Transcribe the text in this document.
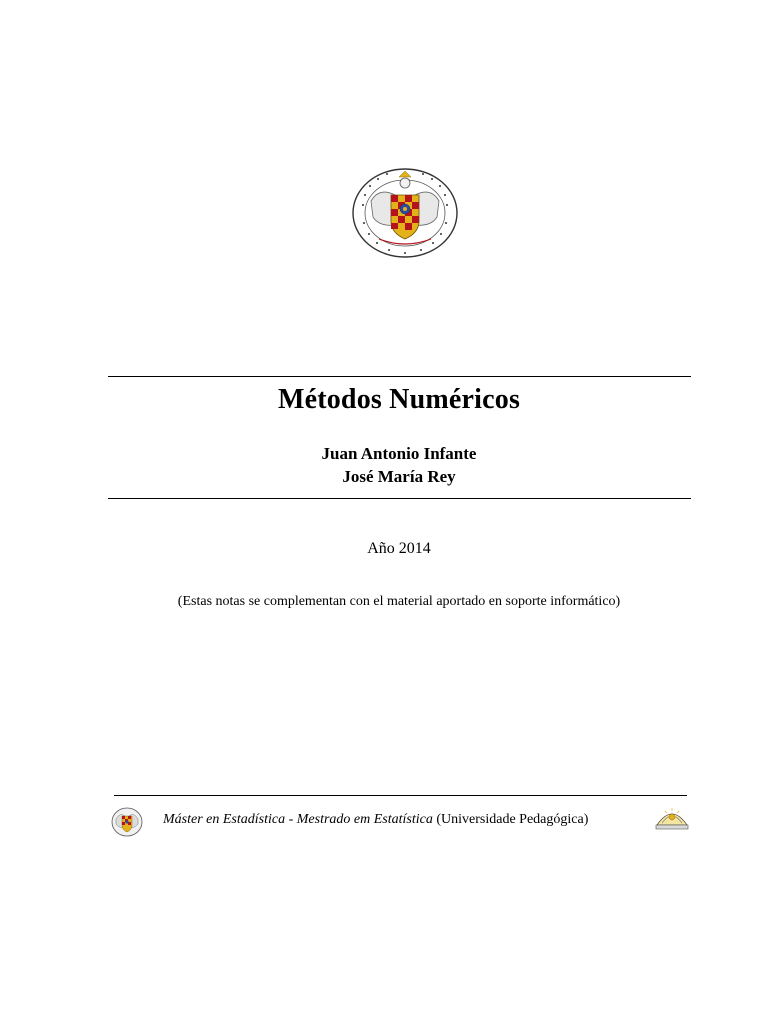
Métodos Numéricos
Juan Antonio Infante
José María Rey
Año 2014
(Estas notas se complementan con el material aportado en soporte informático)
Máster en Estadística - Mestrado em Estatística (Universidade Pedagógica)
